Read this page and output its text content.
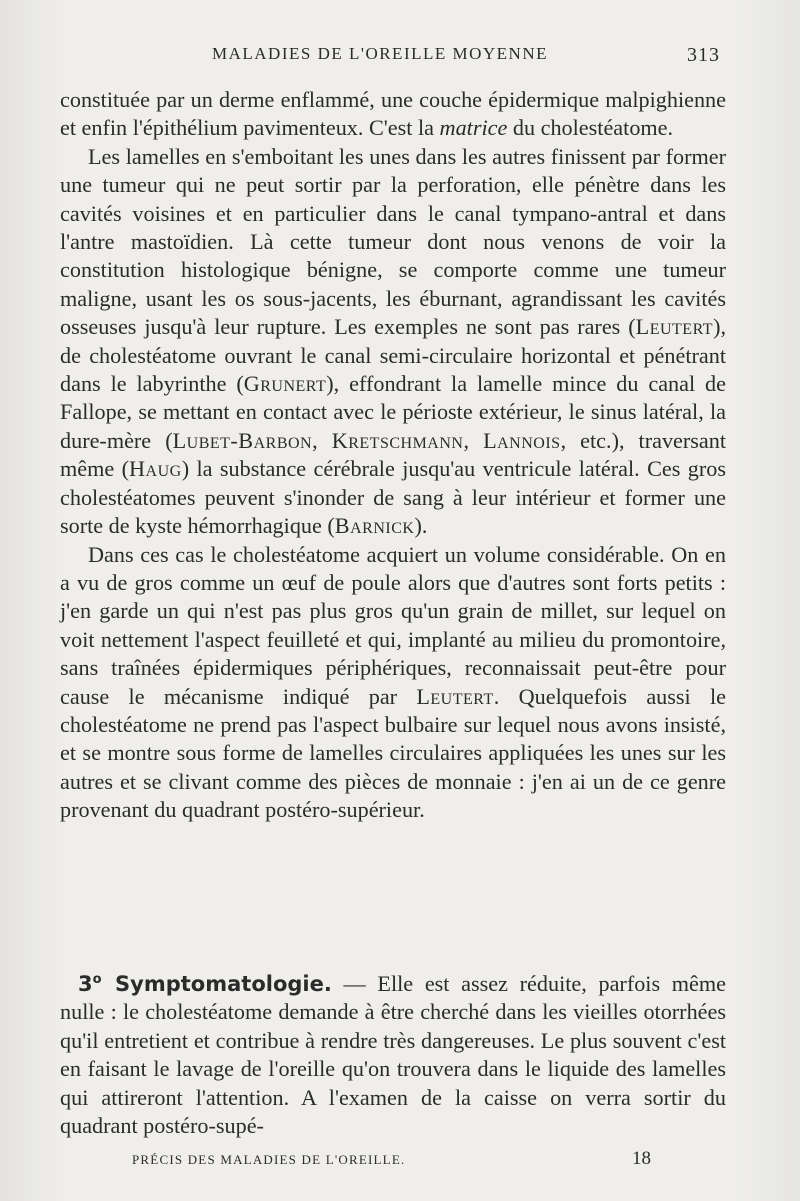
MALADIES DE L'OREILLE MOYENNE	313

constituée par un derme enflammé, une couche épidermique malpighienne et enfin l'épithélium pavimenteux. C'est la matrice du cholestéatome.

Les lamelles en s'emboitant les unes dans les autres finissent par former une tumeur qui ne peut sortir par la perforation, elle pénètre dans les cavités voisines et en particulier dans le canal tympano-antral et dans l'antre mastoïdien. Là cette tumeur dont nous venons de voir la constitution histologique bénigne, se comporte comme une tumeur maligne, usant les os sous-jacents, les éburnant, agrandissant les cavités osseuses jusqu'à leur rupture. Les exemples ne sont pas rares (Leutert), de cholestéatome ouvrant le canal semi-circulaire horizontal et pénétrant dans le labyrinthe (Grunert), effondrant la lamelle mince du canal de Fallope, se mettant en contact avec le périoste extérieur, le sinus latéral, la dure-mère (Lubet-Barbon, Kretschmann, Lannois, etc.), traversant même (Haug) la substance cérébrale jusqu'au ventricule latéral. Ces gros cholestéatomes peuvent s'inonder de sang à leur intérieur et former une sorte de kyste hémorrhagique (Barnick).

Dans ces cas le cholestéatome acquiert un volume considérable. On en a vu de gros comme un œuf de poule alors que d'autres sont forts petits : j'en garde un qui n'est pas plus gros qu'un grain de millet, sur lequel on voit nettement l'aspect feuilleté et qui, implanté au milieu du promontoire, sans traînées épidermiques périphériques, reconnaissait peut-être pour cause le mécanisme indiqué par Leutert. Quelquefois aussi le cholestéatome ne prend pas l'aspect bulbaire sur lequel nous avons insisté, et se montre sous forme de lamelles circulaires appliquées les unes sur les autres et se clivant comme des pièces de monnaie : j'en ai un de ce genre provenant du quadrant postéro-supérieur.

3$^o$ Symptomatologie. — Elle est assez réduite, parfois même nulle : le cholestéatome demande à être cherché dans les vieilles otorrhées qu'il entretient et contribue à rendre très dangereuses. Le plus souvent c'est en faisant le lavage de l'oreille qu'on trouvera dans le liquide des lamelles qui attireront l'attention. A l'examen de la caisse on verra sortir du quadrant postéro-supé-

PRÉCIS DES MALADIES DE L'OREILLE.	18
